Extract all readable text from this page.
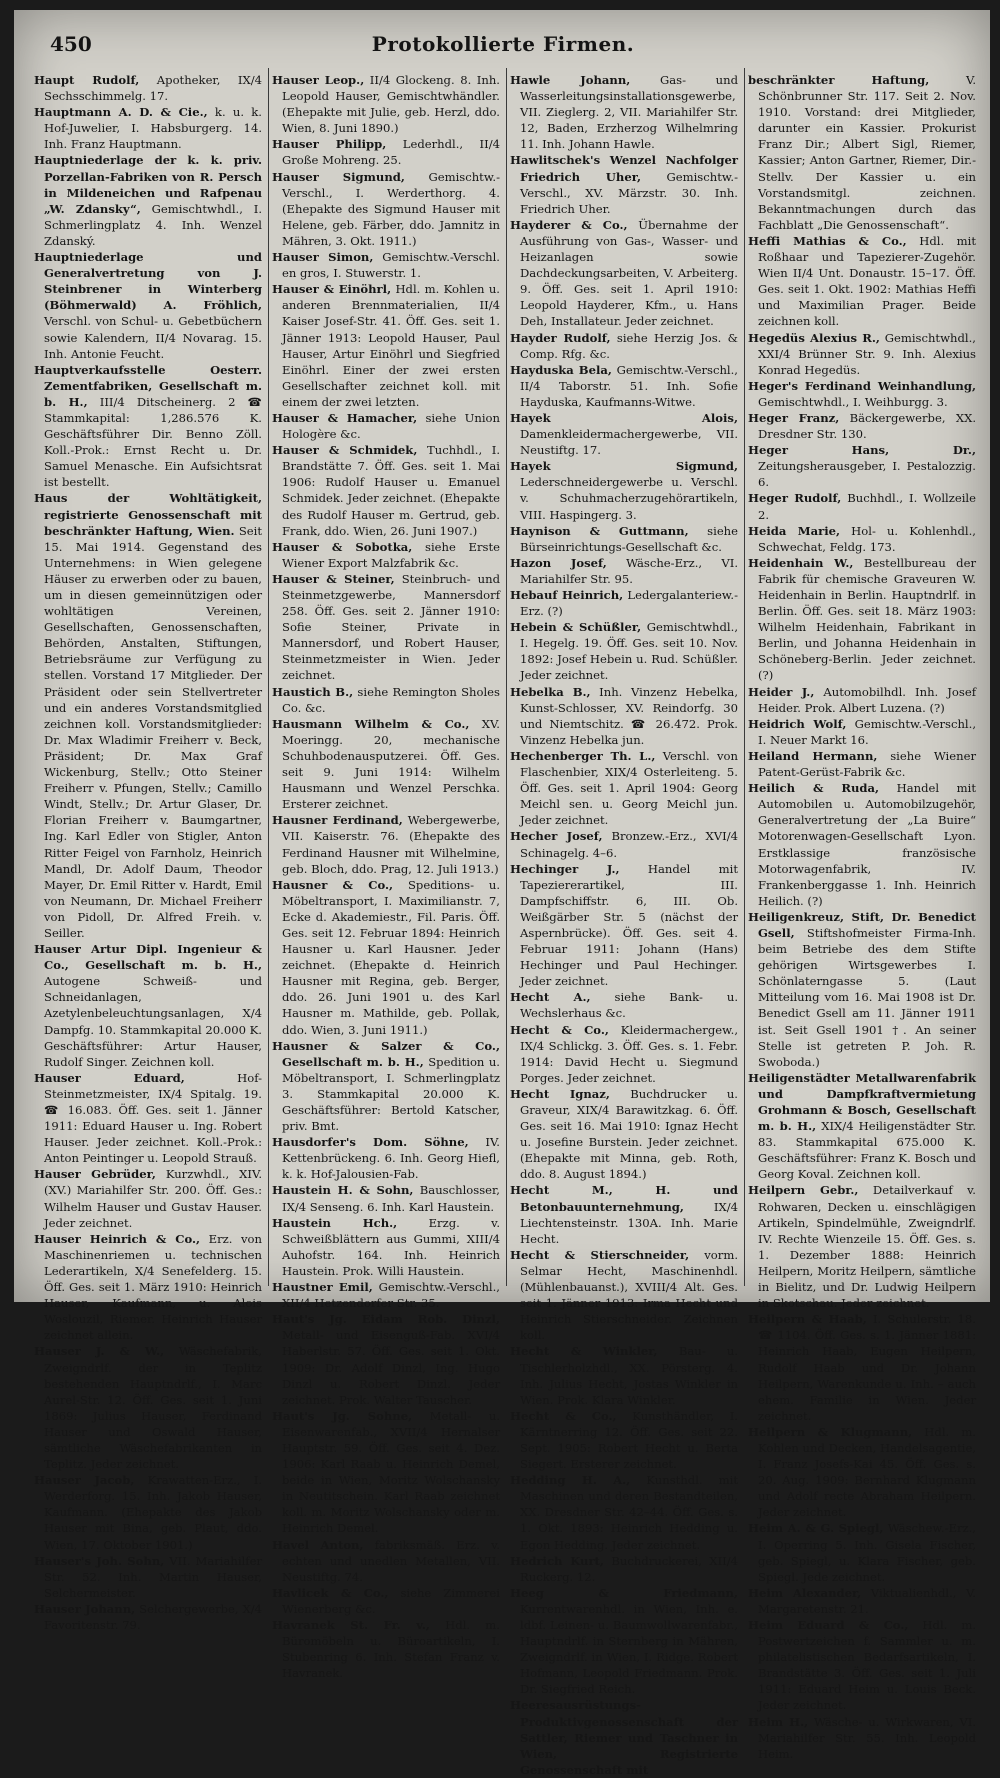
450	Protokollierte Firmen.

Haupt Rudolf, Apotheker, IX/4 Sechsschimmelg. 17.

Hauptmann A. D. & Cie., k. u. k. Hof-Juwelier, I. Habsburgerg. 14. Inh. Franz Hauptmann.

Hauptniederlage der k. k. priv. Porzellan-Fabriken von R. Persch in Mildeneichen und Rafpenau „W. Zdansky“, Gemischtwhdl., I. Schmerlingplatz 4. Inh. Wenzel Zdanský.

Hauptniederlage und Generalvertretung von J. Steinbrener in Winterberg (Böhmerwald) A. Fröhlich, Verschl. von Schul- u. Gebetbüchern sowie Kalendern, II/4 Novarag. 15. Inh. Antonie Feucht.

Hauptverkaufsstelle Oesterr. Zementfabriken, Gesellschaft m. b. H., III/4 Ditscheinerg. 2 ☎ Stammkapital: 1,286.576 K. Geschäftsführer Dir. Benno Zöll. Koll.-Prok.: Ernst Recht u. Dr. Samuel Menasche. Ein Aufsichtsrat ist bestellt.

Haus der Wohltätigkeit, registrierte Genossenschaft mit beschränkter Haftung, Wien. Seit 15. Mai 1914. Gegenstand des Unternehmens: in Wien gelegene Häuser zu erwerben oder zu bauen, um in diesen gemeinnützigen oder wohltätigen Vereinen, Gesellschaften, Genossenschaften, Behörden, Anstalten, Stiftungen, Betriebsräume zur Verfügung zu stellen. Vorstand 17 Mitglieder. Der Präsident oder sein Stellvertreter und ein anderes Vorstandsmitglied zeichnen koll. Vorstandsmitglieder: Dr. Max Wladimir Freiherr v. Beck, Präsident; Dr. Max Graf Wickenburg, Stellv.; Otto Steiner Freiherr v. Pfungen, Stellv.; Camillo Windt, Stellv.; Dr. Artur Glaser, Dr. Florian Freiherr v. Baumgartner, Ing. Karl Edler von Stigler, Anton Ritter Feigel von Farnholz, Heinrich Mandl, Dr. Adolf Daum, Theodor Mayer, Dr. Emil Ritter v. Hardt, Emil von Neumann, Dr. Michael Freiherr von Pidoll, Dr. Alfred Freih. v. Seiller.

Hauser Artur Dipl. Ingenieur & Co., Gesellschaft m. b. H., Autogene Schweiß- und Schneidanlagen, Azetylenbeleuchtungsanlagen, X/4 Dampfg. 10. Stammkapital 20.000 K. Geschäftsführer: Artur Hauser, Rudolf Singer. Zeichnen koll.

Hauser Eduard,	Hof-Steinmetzmeister, IX/4 Spitalg. 19. ☎ 16.083. Öff. Ges. seit 1. Jänner 1911: Eduard Hauser u. Ing. Robert Hauser. Jeder zeichnet. Koll.-Prok.: Anton Peintinger u. Leopold Strauß.

Hauser Gebrüder, Kurzwhdl., XIV. (XV.) Mariahilfer Str. 200. Öff. Ges.: Wilhelm Hauser und Gustav Hauser. Jeder zeichnet.

Hauser Heinrich & Co., Erz. von Maschinenriemen u. technischen Lederartikeln, X/4 Senefelderg. 15. Öff. Ges. seit 1. März 1910: Heinrich Hauser, Kaufmann, u. Alois Woslouzil, Riemer. Heinrich Hauser zeichnet allein.

Hauser J. & W., Wäschefabrik, Zweigndrlf. der in Teplitz bestehenden Hauptndrlf., I. Marc Aurel-Str. 12. Öff. Ges. seit 1. Juni 1869: Julius Hauser, Ferdinand Hauser und Oswald Hauser, sämtliche Wäschefabrikanten in Teplitz. Jeder zeichnet.

Hauser Jacob, Krawatten-Erz., I. Werderforg. 15. Inh. Jakob Hauser, Kaufmann. (Ehepakte des Jakob Hauser mit Bina, geb. Plaut, ddo. Wien, 17. Oktober 1901.)

Hauser's Joh. Sohn, VII. Mariahilfer Str. 52. Inh. Martin Hauser, Selchermeister.

Hauser Johann, Selchergewerbe, X/4 Favoritenstr. 79.

Hauser Leop., II/4 Glockeng. 8. Inh. Leopold Hauser, Gemischtwhändler. (Ehepakte mit Julie, geb. Herzl, ddo. Wien, 8. Juni 1890.)

Hauser Philipp, Lederhdl., II/4 Große Mohreng. 25.

Hauser Sigmund, Gemischtw.-Verschl., I. Werderthorg. 4. (Ehepakte des Sigmund Hauser mit Helene, geb. Färber, ddo. Jamnitz in Mähren, 3. Okt. 1911.)

Hauser Simon, Gemischtw.-Verschl. en gros, I. Stuwerstr. 1.

Hauser & Einöhrl, Hdl. m. Kohlen u. anderen Brennmaterialien, II/4 Kaiser Josef-Str. 41. Öff. Ges. seit 1. Jänner 1913: Leopold Hauser, Paul Hauser, Artur Einöhrl und Siegfried Einöhrl. Einer der zwei ersten Gesellschafter zeichnet koll. mit einem der zwei letzten.

Hauser & Hamacher, siehe Union Hologère &c.

Hauser & Schmidek, Tuchhdl., I. Brandstätte 7. Öff. Ges. seit 1. Mai 1906: Rudolf Hauser u. Emanuel Schmidek. Jeder zeichnet. (Ehepakte des Rudolf Hauser m. Gertrud, geb. Frank, ddo. Wien, 26. Juni 1907.)

Hauser & Sobotka, siehe Erste Wiener Export Malzfabrik &c.

Hauser & Steiner, Steinbruch- und Steinmetzgewerbe, Mannersdorf 258. Öff. Ges. seit 2. Jänner 1910: Sofie Steiner, Private in Mannersdorf, und Robert Hauser, Steinmetzmeister in Wien. Jeder zeichnet.

Haustich B., siehe Remington Sholes Co. &c.

Hausmann Wilhelm & Co., XV. Moeringg. 20, mechanische Schuhbodenausputzerei. Öff. Ges. seit 9. Juni 1914: Wilhelm Hausmann und Wenzel Perschka. Ersterer zeichnet.

Hausner Ferdinand, Webergewerbe, VII. Kaiserstr. 76. (Ehepakte des Ferdinand Hausner mit Wilhelmine, geb. Bloch, ddo. Prag, 12. Juli 1913.)

Hausner & Co., Speditions- u. Möbeltransport, I. Maximilianstr. 7, Ecke d. Akademiestr., Fil. Paris. Öff. Ges. seit 12. Februar 1894: Heinrich Hausner u. Karl Hausner. Jeder zeichnet. (Ehepakte d. Heinrich Hausner mit Regina, geb. Berger, ddo. 26. Juni 1901 u. des Karl Hausner m. Mathilde, geb. Pollak, ddo. Wien, 3. Juni 1911.)

Hausner & Salzer & Co., Gesellschaft m. b. H., Spedition u. Möbeltransport, I. Schmerlingplatz 3. Stammkapital 20.000 K. Geschäftsführer: Bertold Katscher, priv. Bmt.

Hausdorfer's Dom. Söhne, IV. Kettenbrückeng. 6. Inh. Georg Hiefl, k. k. Hof-Jalousien-Fab.

Haustein H. & Sohn, Bauschlosser, IX/4 Senseng. 6. Inh. Karl Haustein.

Haustein Hch.,	Erzg. v. Schweißblättern aus Gummi, XIII/4 Auhofstr. 164. Inh. Heinrich Haustein. Prok. Willi Haustein.

Haustner Emil, Gemischtw.-Verschl., XII/4 Hetzendorfer Str. 35.

Haut's Jg. Eidam Rob. Dinzl, Metall- und Eisenguß-Fab. XVI/4 Haberlstr. 57. Öff. Ges. seit 1. Okt. 1909: Dr. Adolf Dinzl, Ing. Hugo Dinzl u. Robert Dinzl. Jeder zeichnet. Prok. Walter Tauscher.

Haut's Jg. Sohne, Metall- u. Eisenwarenfab., XVII/4 Hernalser Hauptstr. 59. Öff. Ges. seit 4. Dez. 1906: Karl Raab u. Heinrich Demel, beide in Wien, Moritz Wolschansky in Neutitschein. Karl Raab zeichnet koll. m. Moritz Wolschansky oder m. Heinrich Demel.

Havel Anton, fabriksmäß. Erz. v. echten und unedlen Metallen, VII. Neustiftg. 74.

Havlicek & Co., siehe Zimmerei Wienerberg &c.

Havranek St. Fr. v., Hdl. m. Büromöbeln u. Büroartikeln, I. Stubenring 6. Inh. Stefan Franz v. Havranek.

Hawle Johann,	Gas- und Wasserleitungsinstallationsgewerbe, VII. Zieglerg. 2, VII. Mariahilfer Str. 12, Baden, Erzherzog Wilhelmring 11. Inh. Johann Hawle.

Hawlitschek's Wenzel Nachfolger Friedrich Uher, Gemischtw.-Verschl., XV. Märzstr. 30. Inh. Friedrich Uher.

Hayderer & Co., Übernahme der Ausführung von Gas-, Wasser- und Heizanlagen sowie Dachdeckungsarbeiten, V. Arbeiterg. 9. Öff. Ges. seit 1. April 1910: Leopold Hayderer, Kfm., u. Hans Deh, Installateur. Jeder zeichnet.

Hayder Rudolf, siehe Herzig Jos. & Comp. Rfg. &c.

Hayduska Bela, Gemischtw.-Verschl., II/4 Taborstr. 51. Inh. Sofie Hayduska, Kaufmanns-Witwe.

Hayek Alois, Damenkleidermachergewerbe, VII. Neustiftg. 17.

Hayek Sigmund, Lederschneidergewerbe u. Verschl. v. Schuhmacherzugehörartikeln, VIII. Haspingerg. 3.

Haynison & Guttmann, siehe Bürseinrichtungs-Gesellschaft &c.

Hazon Josef, Wäsche-Erz., VI. Mariahilfer Str. 95.

Hebauf Heinrich, Ledergalanteriew.-Erz. (?)

Hebein & Schüßler, Gemischtwhdl., I. Hegelg. 19. Öff. Ges. seit 10. Nov. 1892: Josef Hebein u. Rud. Schüßler. Jeder zeichnet.

Hebelka B., Inh. Vinzenz Hebelka, Kunst-Schlosser, XV. Reindorfg. 30 und Niemtschitz. ☎ 26.472. Prok. Vinzenz Hebelka jun.

Hechenberger Th. L., Verschl. von Flaschenbier, XIX/4 Osterleiteng. 5. Öff. Ges. seit 1. April 1904: Georg Meichl sen. u. Georg Meichl jun. Jeder zeichnet.

Hecher Josef, Bronzew.-Erz., XVI/4 Schinagelg. 4–6.

Hechinger J., Handel mit Tapeziererartikel, III. Dampfschiffstr. 6, III. Ob. Weißgärber Str. 5 (nächst der Aspernbrücke). Öff. Ges. seit 4. Februar 1911: Johann (Hans) Hechinger und Paul Hechinger. Jeder zeichnet.

Hecht A., siehe Bank- u. Wechslerhaus &c.

Hecht & Co., Kleidermachergew., IX/4 Schlickg. 3. Öff. Ges. s. 1. Febr. 1914: David Hecht u. Siegmund Porges. Jeder zeichnet.

Hecht Ignaz, Buchdrucker u. Graveur, XIX/4 Barawitzkag. 6. Öff. Ges. seit 16. Mai 1910: Ignaz Hecht u. Josefine Burstein. Jeder zeichnet. (Ehepakte mit Minna, geb. Roth, ddo. 8. August 1894.)

Hecht M., H. und Betonbauunternehmung,	IX/4 Liechtensteinstr. 130A. Inh. Marie Hecht.

Hecht & Stierschneider, vorm. Selmar Hecht, Maschinenhdl. (Mühlenbauanst.), XVIII/4 Alt. Ges. seit 1. Jänner 1913: Irma Hecht und Heinrich Stierschneider. Zeichnen koll.

Hecht & Winkler, Bau- u. Tischlerholzhdl., XX. Pörsterg. 4. Inh. Julius Hecht, Jostas Winkler in Wien. Prok. Klara Winkler.

Hecht & Co., Kunsthändler, I. Kärntnerring 12. Öff. Ges. seit 22. Sept. 1905: Robert Hecht u. Berta Siegert. Ersterer zeichnet.

Hedding H. A., Kunsthdl. mit Maschinen und deren Bestandteilen, XX. Dresdner Str. 42–44. Öff. Ges. s. 1. Okt. 1893: Heinrich Hedding u. Egon Hedding. Jeder zeichnet.

Hedrich Kurt, Buchdruckerei, XII/4 Ruckerg. 12.

Heeg & Friedmann, Kurrentwarenhdl. in Wien, Inh. e. ldbf. Leinen- u. Baumwollwarenfabr., Hauptndrlf. in Sternberg in Mähren, Zweigndrlf. in Wien, I. Ridge. Robert Hofmann, Leopold Friedmann. Prok. Dr. Siegfried Reich.

Heeresausrüstungs- Produktivgenossenschaft der Sattler, Riemer und Taschner in Wien, Registrierte Genossenschaft mit

beschränkter Haftung,	V. Schönbrunner Str. 117. Seit 2. Nov. 1910. Vorstand: drei Mitglieder, darunter ein Kassier. Prokurist Franz Dir.; Albert Sigl, Riemer, Kassier; Anton Gartner, Riemer, Dir.-Stellv. Der Kassier u. ein Vorstandsmitgl. zeichnen. Bekanntmachungen durch das Fachblatt „Die Genossenschaft“.

Heffi Mathias & Co., Hdl. mit Roßhaar und Tapezierer-Zugehör. Wien II/4 Unt. Donaustr. 15–17. Öff. Ges. seit 1. Okt. 1902: Mathias Heffi und Maximilian Prager. Beide zeichnen koll.

Hegedüs Alexius R., Gemischtwhdl., XXI/4 Brünner Str. 9. Inh. Alexius Konrad Hegedüs.

Heger's Ferdinand Weinhandlung, Gemischtwhdl., I. Weihburgg. 3.

Heger Franz, Bäckergewerbe, XX. Dresdner Str. 130.

Heger Hans, Dr., Zeitungsherausgeber, I. Pestalozzig. 6.

Heger Rudolf, Buchhdl., I. Wollzeile 2.

Heida Marie, Hol- u. Kohlenhdl., Schwechat, Feldg. 173.

Heidenhain W., Bestellbureau der Fabrik für chemische Graveuren W. Heidenhain in Berlin. Hauptndrlf. in Berlin. Öff. Ges. seit 18. März 1903: Wilhelm Heidenhain, Fabrikant in Berlin, und Johanna Heidenhain in Schöneberg-Berlin. Jeder zeichnet. (?)

Heider J., Automobilhdl. Inh. Josef Heider. Prok. Albert Luzena. (?)

Heidrich Wolf, Gemischtw.-Verschl., I. Neuer Markt 16.

Heiland Hermann, siehe Wiener Patent-Gerüst-Fabrik &c.

Heilich & Ruda, Handel mit Automobilen u. Automobilzugehör, Generalvertretung der „La Buire“ Motorenwagen-Gesellschaft Lyon. Erstklassige französische Motorwagenfabrik, IV. Frankenberggasse 1. Inh. Heinrich Heilich. (?)

Heiligenkreuz, Stift, Dr. Benedict Gsell, Stiftshofmeister Firma-Inh. beim Betriebe des dem Stifte gehörigen Wirtsgewerbes I. Schönlaterngasse 5. (Laut Mitteilung vom 16. Mai 1908 ist Dr. Benedict Gsell am 11. Jänner 1911 ist. Seit Gsell 1901 †. An seiner Stelle ist getreten P. Joh. R. Swoboda.)

Heiligenstädter Metallwarenfabrik und Dampfkraftvermietung Grohmann & Bosch, Gesellschaft m. b. H., XIX/4 Heiligenstädter Str. 83. Stammkapital 675.000 K. Geschäftsführer: Franz K. Bosch und Georg Koval. Zeichnen koll.

Heilpern Gebr., Detailverkauf v. Rohwaren, Decken u. einschlägigen Artikeln, Spindelmühle, Zweigndrlf. IV. Rechte Wienzeile 15. Öff. Ges. s. 1. Dezember 1888: Heinrich Heilpern, Moritz Heilpern, sämtliche in Bielitz, und Dr. Ludwig Heilpern in Skotschau. Jeder zeichnet.

Heilpern & Haab, I. Schulerstr. 18. ☎ 1104. Öff. Ges. s. 1. Jänner 1881: Heinrich Haab, Eugen Heilpern, Rudolf Haab und Dr. Johann Heilpern, Warenkunde u. Inh. – auch ehem. Familie in Wien. Jeder zeichnet.

Heilpern & Klugmann, Hdl. m. Kohlen und Decken, Handelsagentie, I. Franz Josefs-Kai 45. Öff. Ges. s. 20. Aug. 1909: Bernhard Klugmann und Adolf recte Abraham Heilpern. Jeder zeichnet.

Heim A. & G. Spiegl, Wäschew.-Erz., I. Operring 5. Inh. Gisela Fischer, geb. Spiegl, u. Klara Fischer, geb. Spiegl. Jede zeichnet.

Heim Alexander, Viktualienhdl., V. Margaretenstr. 21.

Heim Eduard & Co., Hdl. m. Postwertzeichen f. Sammler u. m. philatelistischen Bedarfsartikeln, I. Brandstätte 3. Öff. Ges. seit 1. Juli 1911: Eduard Heim u. Louis Beck. Jeder zeichnet.

Heim H., Wäsche- u. Wirkwaren, VI. Mariahilfer Str. 55. Inh. Leopold Heim.
